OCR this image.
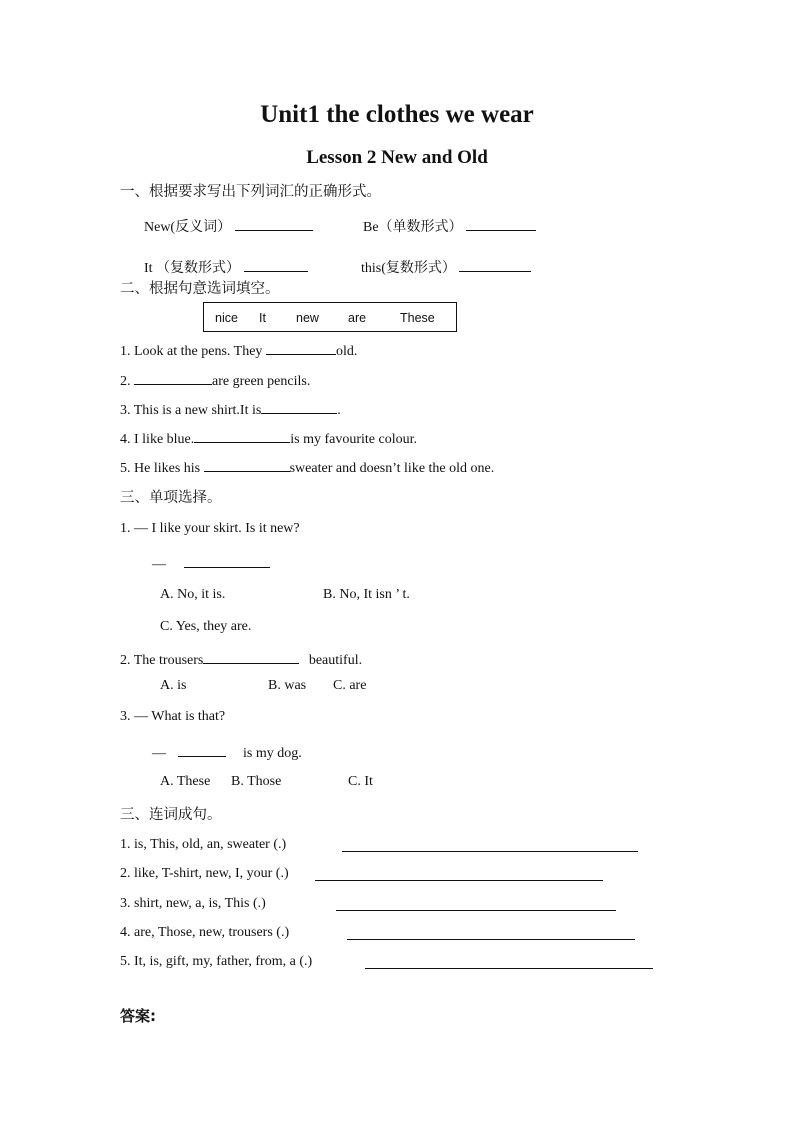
Unit1 the clothes we wear
Lesson 2 New and Old
一、根据要求写出下列词汇的正确形式。
New(反义词）	Be（单数形式）
It （复数形式）	this(复数形式）
二、根据句意选词填空。
nice It new are	These
1. Look at the pens. They	old.
2.	are green pencils.
3. This is a new shirt.It is	.
4. I like blue.	is my favourite colour.
5. He likes his	sweater and doesn’t like the old one.
三、单项选择。
1. — I like your skirt. Is it new?
—
A. No, it is.	B. No, It isn ’ t.
C. Yes, they are.
2. The trousers	beautiful.
A. is	B. was C. are
3. — What is that?
—	is my dog.
A. These B. Those	C. It
三、连词成句。
1. is, This, old, an, sweater (.)
2. like, T-shirt, new, I, your (.)
3. shirt, new, a, is, This (.)
4. are, Those, new, trousers (.)
5. It, is, gift, my, father, from, a (.)
答案:
